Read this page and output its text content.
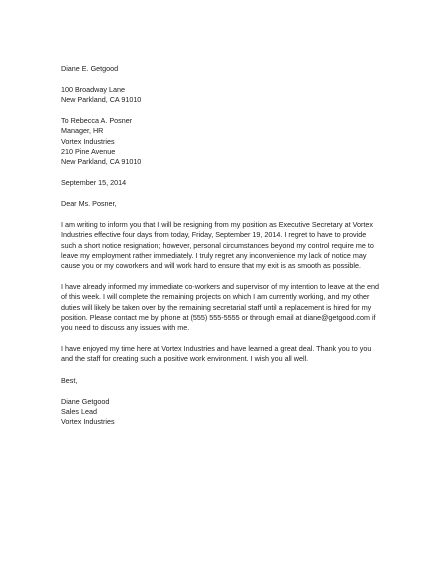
Diane E. Getgood
100 Broadway Lane
New Parkland, CA 91010
To Rebecca A. Posner
Manager, HR
Vortex Industries
210 Pine Avenue
New Parkland, CA 91010
September 15, 2014
Dear Ms. Posner,
I am writing to inform you that I will be resigning from my position as Executive Secretary at Vortex
Industries effective four days from today, Friday, September 19, 2014. I regret to have to provide
such a short notice resignation; however, personal circumstances beyond my control require me to
leave my employment rather immediately. I truly regret any inconvenience my lack of notice may
cause you or my coworkers and will work hard to ensure that my exit is as smooth as possible.
I have already informed my immediate co-workers and supervisor of my intention to leave at the end
of this week. I will complete the remaining projects on which I am currently working, and my other
duties will likely be taken over by the remaining secretarial staff until a replacement is hired for my
position. Please contact me by phone at (555) 555-5555 or through email at diane@getgood.com if
you need to discuss any issues with me.
I have enjoyed my time here at Vortex Industries and have learned a great deal. Thank you to you
and the staff for creating such a positive work environment. I wish you all well.
Best,
Diane Getgood
Sales Lead
Vortex Industries
